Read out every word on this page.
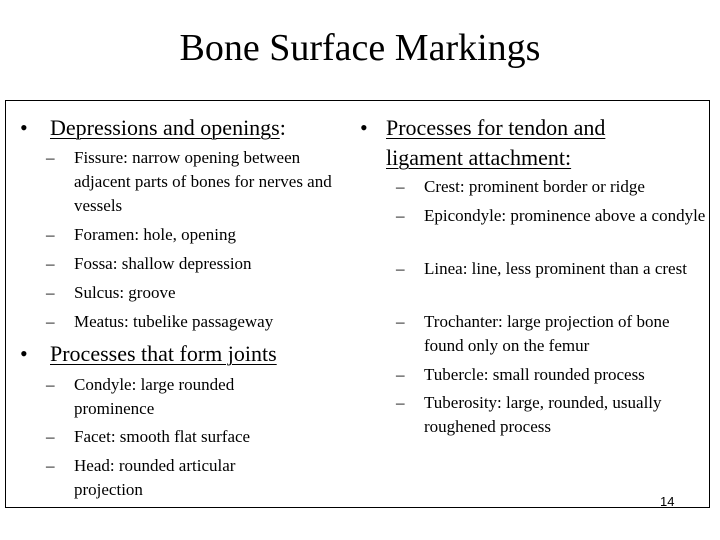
Bone Surface Markings
• Depressions and openings:
– Fissure: narrow opening between adjacent parts of bones for nerves and vessels
– Foramen: hole, opening
– Fossa: shallow depression
– Sulcus: groove
– Meatus: tubelike passageway
• Processes that form joints
– Condyle: large rounded prominence
– Facet: smooth flat surface
– Head: rounded articular projection
• Processes for tendon and
ligament attachment:
– Crest: prominent border or ridge
– Epicondyle: prominence above a condyle
– Linea: line, less prominent than a crest
– Trochanter: large projection of bone found only on the femur
– Tubercle: small rounded process
– Tuberosity: large, rounded, usually roughened process
14
